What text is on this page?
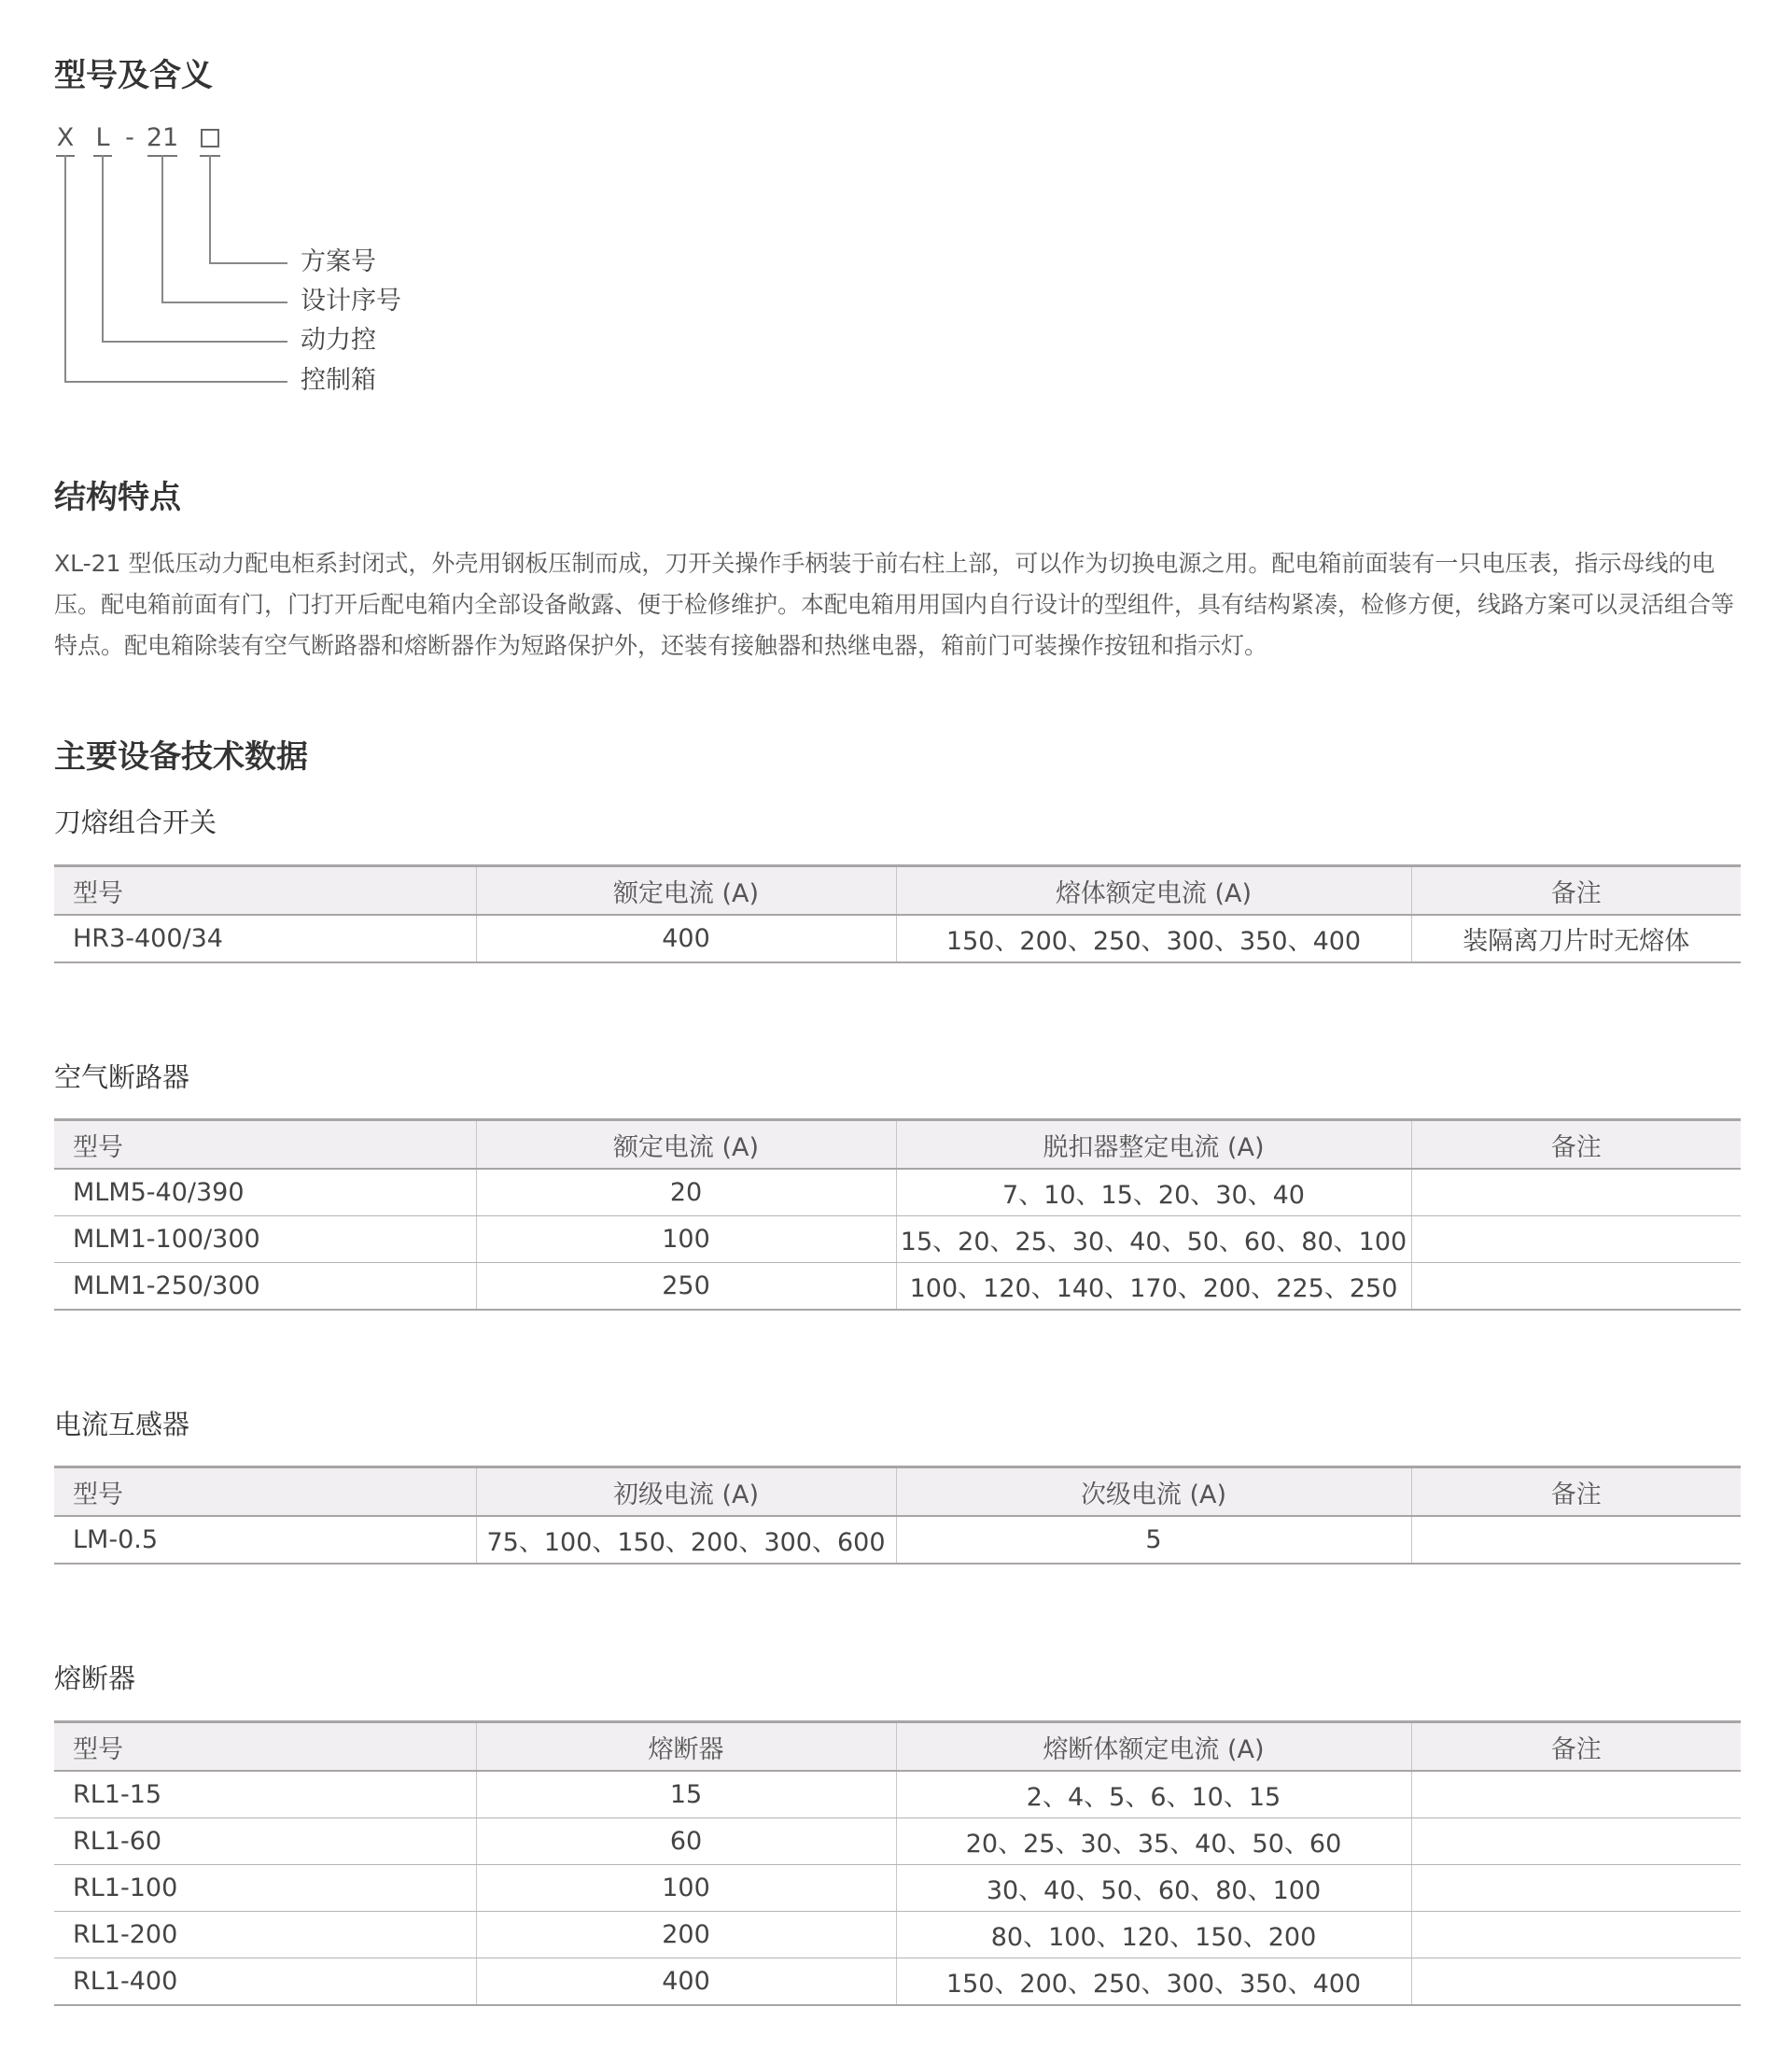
型号及含义
X L - 21
方案号
设计序号
动力控
控制箱
结构特点

XL-21 型低压动力配电柜系封闭式，外壳用钢板压制而成，刀开关操作手柄装于前右柱上部，可以作为切换电源之用。配电箱前面装有一只电压表，指示母线的电压。配电箱前面有门，门打开后配电箱内全部设备敞露、便于检修维护。本配电箱用用国内自行设计的型组件，具有结构紧凑，检修方便，线路方案可以灵活组合等特点。配电箱除装有空气断路器和熔断器作为短路保护外，还装有接触器和热继电器，箱前门可装操作按钮和指示灯。

主要设备技术数据
刀熔组合开关
型号	额定电流 (A)	熔体额定电流 (A)	备注
HR3-400/34	400	150、200、250、300、350、400	装隔离刀片时无熔体
空气断路器
型号	额定电流 (A)	脱扣器整定电流 (A)	备注
MLM5-40/390	20	7、10、15、20、30、40	
MLM1-100/300	100	15、20、25、30、40、50、60、80、100	
MLM1-250/300	250	100、120、140、170、200、225、250	
电流互感器
型号	初级电流 (A)	次级电流 (A)	备注
LM-0.5	75、100、150、200、300、600	5	
熔断器
型号	熔断器	熔断体额定电流 (A)	备注
RL1-15	15	2、4、5、6、10、15	
RL1-60	60	20、25、30、35、40、50、60	
RL1-100	100	30、40、50、60、80、100	
RL1-200	200	80、100、120、150、200	
RL1-400	400	150、200、250、300、350、400	
